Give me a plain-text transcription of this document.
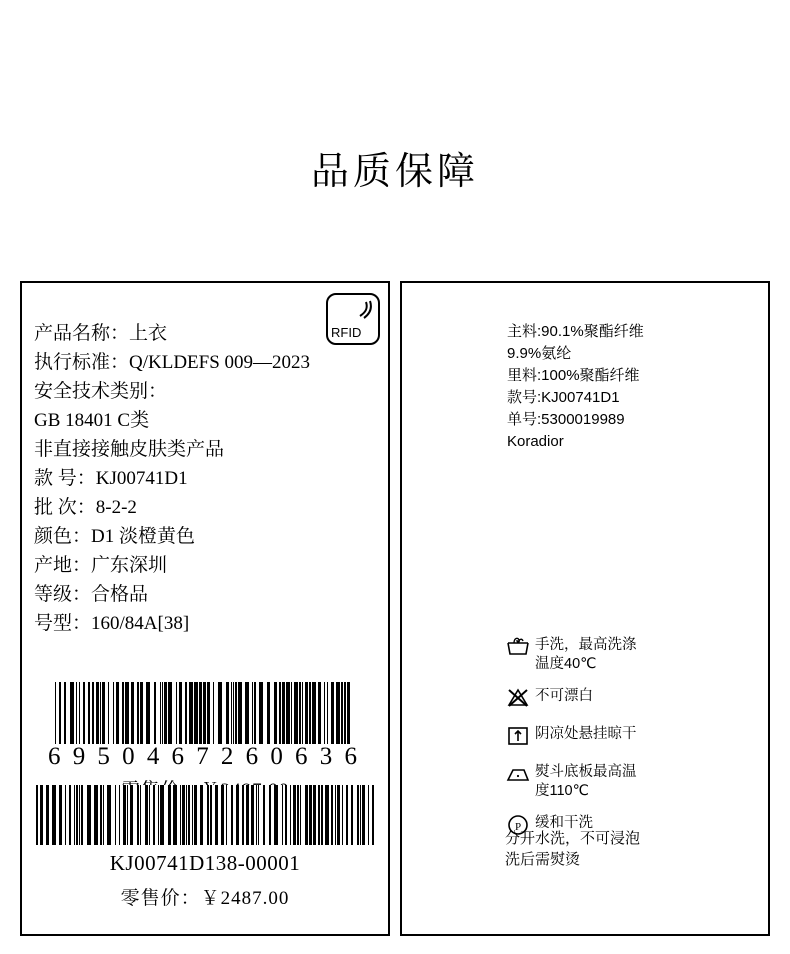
品质保障
RFID
产品名称：上衣
执行标准：Q/KLDEFS 009—2023
安全技术类别：
GB 18401 C类
非直接接触皮肤类产品
款 号：KJ00741D1
批 次：8-2-2
颜色：D1 淡橙黄色
产地：广东深圳
等级：合格品
号型：160/84A[38]
6 9 5 0 4 6 7 2 6 0 6 3 6
KJ00741D138-00001
零售价：￥2487.00
主料:90.1%聚酯纤维
9.9%氨纶
里料:100%聚酯纤维
款号:KJ00741D1
单号:5300019989
Koradior
手洗，最高洗涤
温度40℃
不可漂白
阴凉处悬挂晾干
熨斗底板最高温
度110℃
P 缓和干洗
分开水洗，不可浸泡
洗后需熨烫
